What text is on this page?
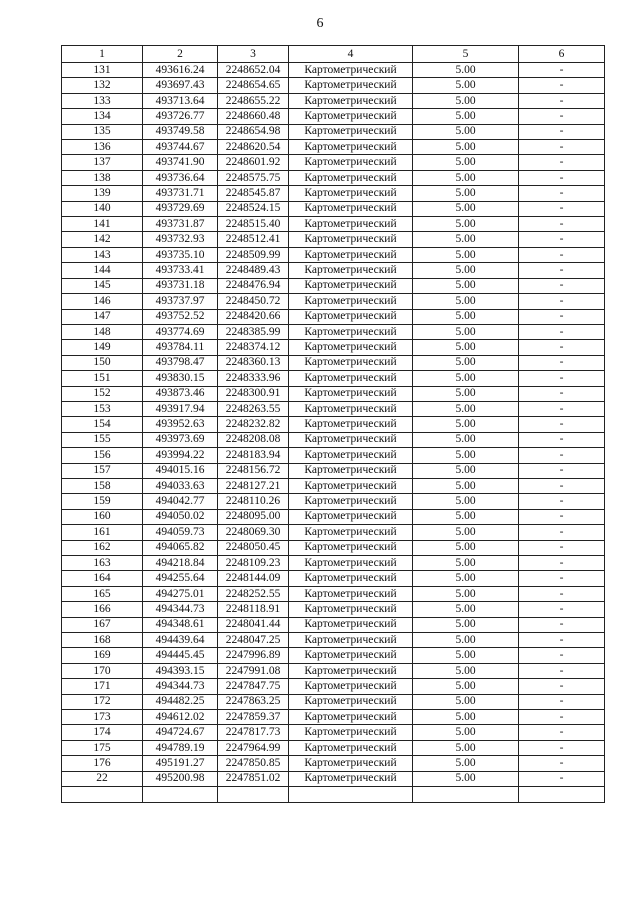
6
1	2	3	4	5	6
131	493616.24	2248652.04	Картометрический	5.00	-
132	493697.43	2248654.65	Картометрический	5.00	-
133	493713.64	2248655.22	Картометрический	5.00	-
134	493726.77	2248660.48	Картометрический	5.00	-
135	493749.58	2248654.98	Картометрический	5.00	-
136	493744.67	2248620.54	Картометрический	5.00	-
137	493741.90	2248601.92	Картометрический	5.00	-
138	493736.64	2248575.75	Картометрический	5.00	-
139	493731.71	2248545.87	Картометрический	5.00	-
140	493729.69	2248524.15	Картометрический	5.00	-
141	493731.87	2248515.40	Картометрический	5.00	-
142	493732.93	2248512.41	Картометрический	5.00	-
143	493735.10	2248509.99	Картометрический	5.00	-
144	493733.41	2248489.43	Картометрический	5.00	-
145	493731.18	2248476.94	Картометрический	5.00	-
146	493737.97	2248450.72	Картометрический	5.00	-
147	493752.52	2248420.66	Картометрический	5.00	-
148	493774.69	2248385.99	Картометрический	5.00	-
149	493784.11	2248374.12	Картометрический	5.00	-
150	493798.47	2248360.13	Картометрический	5.00	-
151	493830.15	2248333.96	Картометрический	5.00	-
152	493873.46	2248300.91	Картометрический	5.00	-
153	493917.94	2248263.55	Картометрический	5.00	-
154	493952.63	2248232.82	Картометрический	5.00	-
155	493973.69	2248208.08	Картометрический	5.00	-
156	493994.22	2248183.94	Картометрический	5.00	-
157	494015.16	2248156.72	Картометрический	5.00	-
158	494033.63	2248127.21	Картометрический	5.00	-
159	494042.77	2248110.26	Картометрический	5.00	-
160	494050.02	2248095.00	Картометрический	5.00	-
161	494059.73	2248069.30	Картометрический	5.00	-
162	494065.82	2248050.45	Картометрический	5.00	-
163	494218.84	2248109.23	Картометрический	5.00	-
164	494255.64	2248144.09	Картометрический	5.00	-
165	494275.01	2248252.55	Картометрический	5.00	-
166	494344.73	2248118.91	Картометрический	5.00	-
167	494348.61	2248041.44	Картометрический	5.00	-
168	494439.64	2248047.25	Картометрический	5.00	-
169	494445.45	2247996.89	Картометрический	5.00	-
170	494393.15	2247991.08	Картометрический	5.00	-
171	494344.73	2247847.75	Картометрический	5.00	-
172	494482.25	2247863.25	Картометрический	5.00	-
173	494612.02	2247859.37	Картометрический	5.00	-
174	494724.67	2247817.73	Картометрический	5.00	-
175	494789.19	2247964.99	Картометрический	5.00	-
176	495191.27	2247850.85	Картометрический	5.00	-
22	495200.98	2247851.02	Картометрический	5.00	-
